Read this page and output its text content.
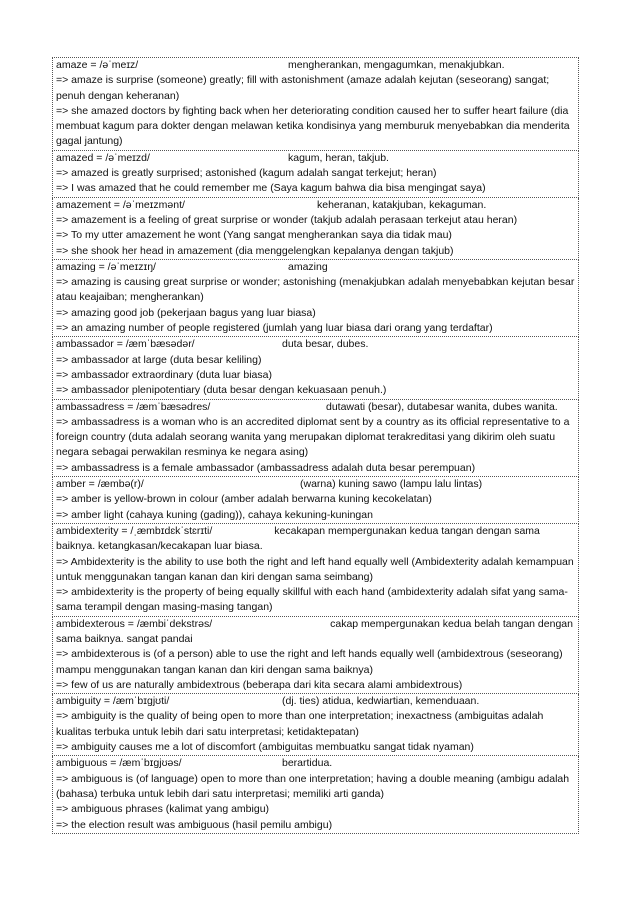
amaze = /əˈmeɪz/	mengherankan, mengagumkan, menakjubkan.
=> amaze is surprise (someone) greatly; fill with astonishment (amaze adalah kejutan (seseorang) sangat; penuh dengan keheranan)
=> she amazed doctors by fighting back when her deteriorating condition caused her to suffer heart failure (dia membuat kagum para dokter dengan melawan ketika kondisinya yang memburuk menyebabkan dia menderita gagal jantung)
amazed = /əˈmeɪzd/	kagum, heran, takjub.
=> amazed is greatly surprised; astonished (kagum adalah sangat terkejut; heran)
=> I was amazed that he could remember me (Saya kagum bahwa dia bisa mengingat saya)
amazement = /əˈmeɪzmənt/	keheranan, katakjuban, kekaguman.
=> amazement is a feeling of great surprise or wonder (takjub adalah perasaan terkejut atau heran)
=> To my utter amazement he wont (Yang sangat mengherankan saya dia tidak mau)
=> she shook her head in amazement (dia menggelengkan kepalanya dengan takjub)
amazing = /əˈmeɪzɪŋ/	amazing
=> amazing is causing great surprise or wonder; astonishing (menakjubkan adalah menyebabkan kejutan besar atau keajaiban; mengherankan)
=> amazing good job (pekerjaan bagus yang luar biasa)
=> an amazing number of people registered (jumlah yang luar biasa dari orang yang terdaftar)
ambassador = /æmˈbæsədər/	duta besar, dubes.
=> ambassador at large (duta besar keliling)
=> ambassador extraordinary (duta luar biasa)
=> ambassador plenipotentiary (duta besar dengan kekuasaan penuh.)
ambassadress = /æmˈbæsədres/	dutawati (besar), dutabesar wanita, dubes wanita.
=> ambassadress is a woman who is an accredited diplomat sent by a country as its official representative to a foreign country (duta adalah seorang wanita yang merupakan diplomat terakreditasi yang dikirim oleh suatu negara sebagai perwakilan resminya ke negara asing)
=> ambassadress is a female ambassador (ambassadress adalah duta besar perempuan)
amber = /æmbə(r)/	(warna) kuning sawo (lampu lalu lintas)
=> amber is yellow-brown in colour (amber adalah berwarna kuning kecokelatan)
=> amber light (cahaya kuning (gading)), cahaya kekuning-kuningan
ambidexterity = /ˌæmbɪdɛkˈstɛrɪti/	kecakapan mempergunakan kedua tangan dengan sama baiknya. ketangkasan/kecakapan luar biasa.
=> Ambidexterity is the ability to use both the right and left hand equally well (Ambidexterity adalah kemampuan untuk menggunakan tangan kanan dan kiri dengan sama seimbang)
=> ambidexterity is the property of being equally skillful with each hand (ambidexterity adalah sifat yang sama-sama terampil dengan masing-masing tangan)
ambidexterous = /æmbiˈdekstrəs/	cakap mempergunakan kedua belah tangan dengan sama baiknya. sangat pandai
=> ambidexterous is (of a person) able to use the right and left hands equally well (ambidextrous (seseorang) mampu menggunakan tangan kanan dan kiri dengan sama baiknya)
=> few of us are naturally ambidextrous (beberapa dari kita secara alami ambidextrous)
ambiguity = /æmˈbɪgjʊti/	(dj. ties) atidua, kedwiartian, kemenduaan.
=> ambiguity is the quality of being open to more than one interpretation; inexactness (ambiguitas adalah kualitas terbuka untuk lebih dari satu interpretasi; ketidaktepatan)
=> ambiguity causes me a lot of discomfort (ambiguitas membuatku sangat tidak nyaman)
ambiguous = /æmˈbɪgjʊəs/	berartidua.
=> ambiguous is (of language) open to more than one interpretation; having a double meaning (ambigu adalah (bahasa) terbuka untuk lebih dari satu interpretasi; memiliki arti ganda)
=> ambiguous phrases (kalimat yang ambigu)
=> the election result was ambiguous (hasil pemilu ambigu)
